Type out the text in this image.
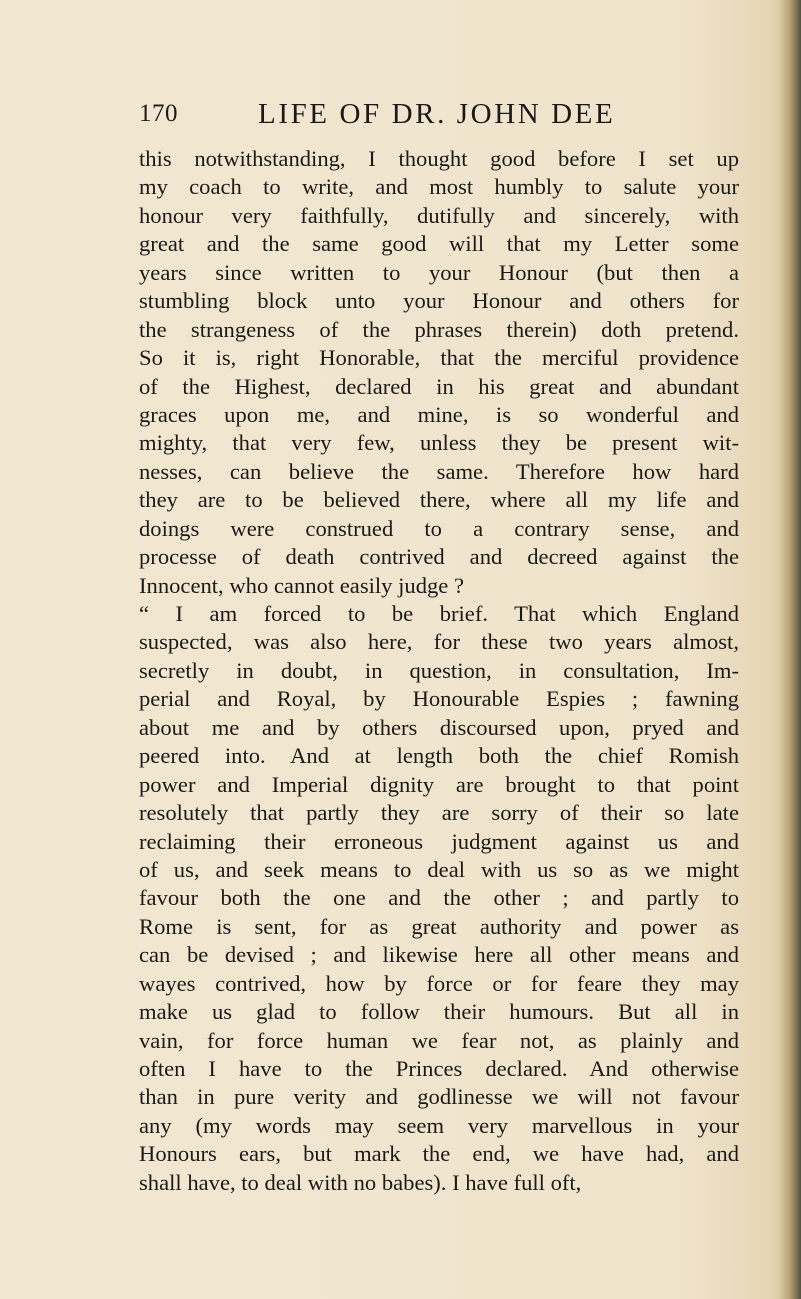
170	LIFE OF DR. JOHN DEE
this notwithstanding, I thought good before I set up
my coach to write, and most humbly to salute your
honour very faithfully, dutifully and sincerely, with
great and the same good will that my Letter some
years since written to your Honour (but then a
stumbling block unto your Honour and others for
the strangeness of the phrases therein) doth pretend.
So it is, right Honorable, that the merciful providence
of the Highest, declared in his great and abundant
graces upon me, and mine, is so wonderful and
mighty, that very few, unless they be present wit-
nesses, can believe the same. Therefore how hard
they are to be believed there, where all my life and
doings were construed to a contrary sense, and
processe of death contrived and decreed against the
Innocent, who cannot easily judge ?
“ I am forced to be brief. That which England
suspected, was also here, for these two years almost,
secretly in doubt, in question, in consultation, Im-
perial and Royal, by Honourable Espies ; fawning
about me and by others discoursed upon, pryed and
peered into. And at length both the chief Romish
power and Imperial dignity are brought to that point
resolutely that partly they are sorry of their so late
reclaiming their erroneous judgment against us and
of us, and seek means to deal with us so as we might
favour both the one and the other ; and partly to
Rome is sent, for as great authority and power as
can be devised ; and likewise here all other means and
wayes contrived, how by force or for feare they may
make us glad to follow their humours. But all in
vain, for force human we fear not, as plainly and
often I have to the Princes declared. And otherwise
than in pure verity and godlinesse we will not favour
any (my words may seem very marvellous in your
Honours ears, but mark the end, we have had, and
shall have, to deal with no babes). I have full oft,
